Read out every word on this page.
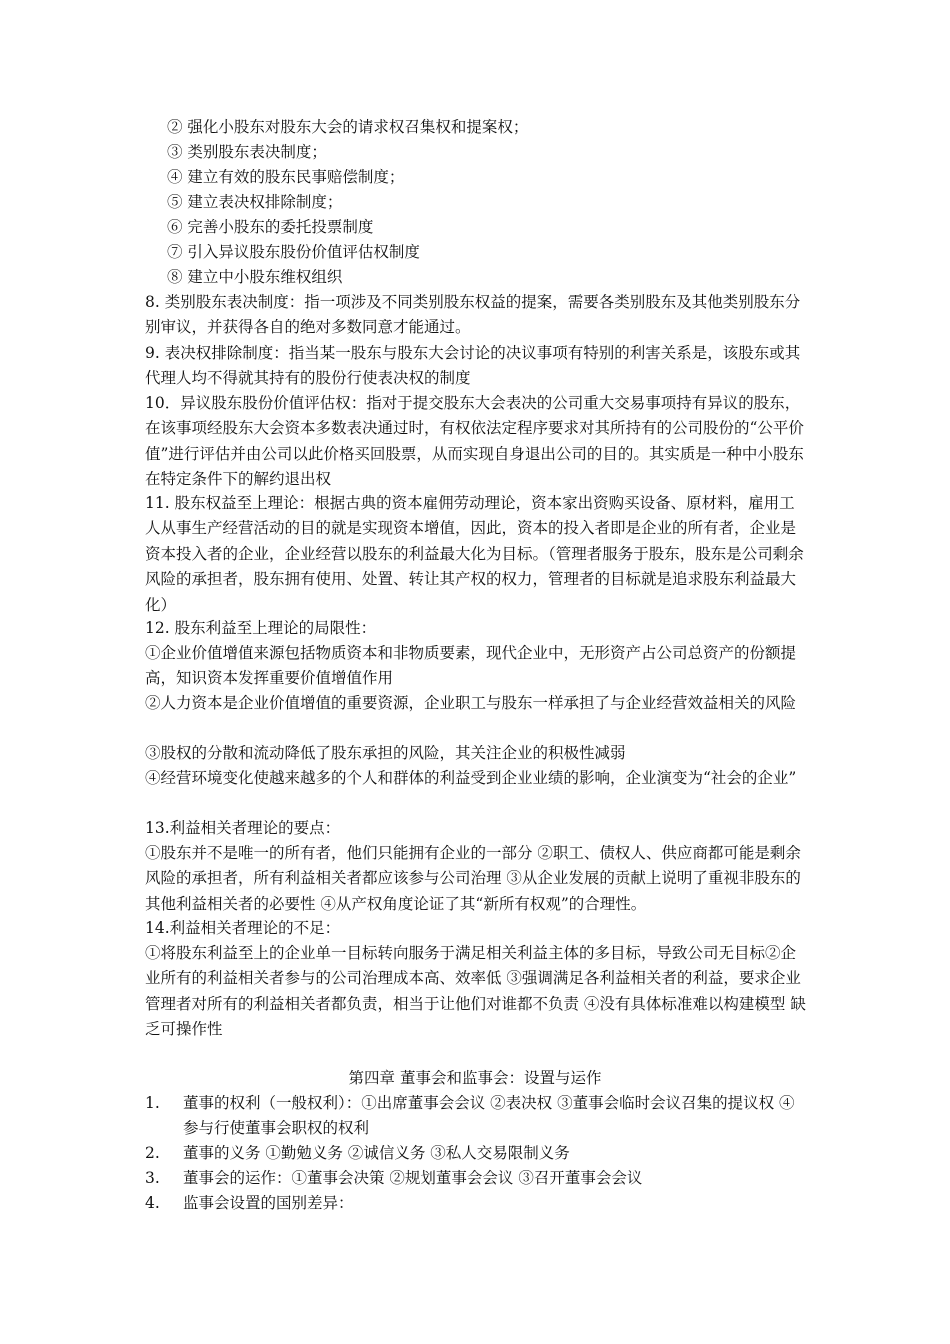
② 强化小股东对股东大会的请求权召集权和提案权；
③ 类别股东表决制度；
④ 建立有效的股东民事赔偿制度；
⑤ 建立表决权排除制度；
⑥ 完善小股东的委托投票制度
⑦ 引入异议股东股份价值评估权制度
⑧ 建立中小股东维权组织
8. 类别股东表决制度：指一项涉及不同类别股东权益的提案，需要各类别股东及其他类别股东分别审议，并获得各自的绝对多数同意才能通过。
9. 表决权排除制度：指当某一股东与股东大会讨论的决议事项有特别的利害关系是，该股东或其代理人均不得就其持有的股份行使表决权的制度
10．异议股东股份价值评估权：指对于提交股东大会表决的公司重大交易事项持有异议的股东，在该事项经股东大会资本多数表决通过时，有权依法定程序要求对其所持有的公司股份的“公平价值”进行评估并由公司以此价格买回股票，从而实现自身退出公司的目的。其实质是一种中小股东在特定条件下的解约退出权
11. 股东权益至上理论：根据古典的资本雇佣劳动理论，资本家出资购买设备、原材料，雇用工人从事生产经营活动的目的就是实现资本增值，因此，资本的投入者即是企业的所有者，企业是资本投入者的企业，企业经营以股东的利益最大化为目标。（管理者服务于股东，股东是公司剩余风险的承担者，股东拥有使用、处置、转让其产权的权力，管理者的目标就是追求股东利益最大化）
12. 股东利益至上理论的局限性：
①企业价值增值来源包括物质资本和非物质要素，现代企业中，无形资产占公司总资产的份额提高，知识资本发挥重要价值增值作用
②人力资本是企业价值增值的重要资源，企业职工与股东一样承担了与企业经营效益相关的风险
③股权的分散和流动降低了股东承担的风险，其关注企业的积极性减弱
④经营环境变化使越来越多的个人和群体的利益受到企业业绩的影响，企业演变为“社会的企业”
13.利益相关者理论的要点：
①股东并不是唯一的所有者，他们只能拥有企业的一部分 ②职工、债权人、供应商都可能是剩余风险的承担者，所有利益相关者都应该参与公司治理 ③从企业发展的贡献上说明了重视非股东的其他利益相关者的必要性 ④从产权角度论证了其“新所有权观”的合理性。
14.利益相关者理论的不足：
①将股东利益至上的企业单一目标转向服务于满足相关利益主体的多目标，导致公司无目标②企业所有的利益相关者参与的公司治理成本高、效率低 ③强调满足各利益相关者的利益，要求企业管理者对所有的利益相关者都负责，相当于让他们对谁都不负责 ④没有具体标准难以构建模型 缺乏可操作性
第四章 董事会和监事会：设置与运作
1. 董事的权利（一般权利）：①出席董事会会议 ②表决权 ③董事会临时会议召集的提议权 ④参与行使董事会职权的权利
2. 董事的义务 ①勤勉义务 ②诚信义务 ③私人交易限制义务
3. 董事会的运作：①董事会决策 ②规划董事会会议 ③召开董事会会议
4. 监事会设置的国别差异：
